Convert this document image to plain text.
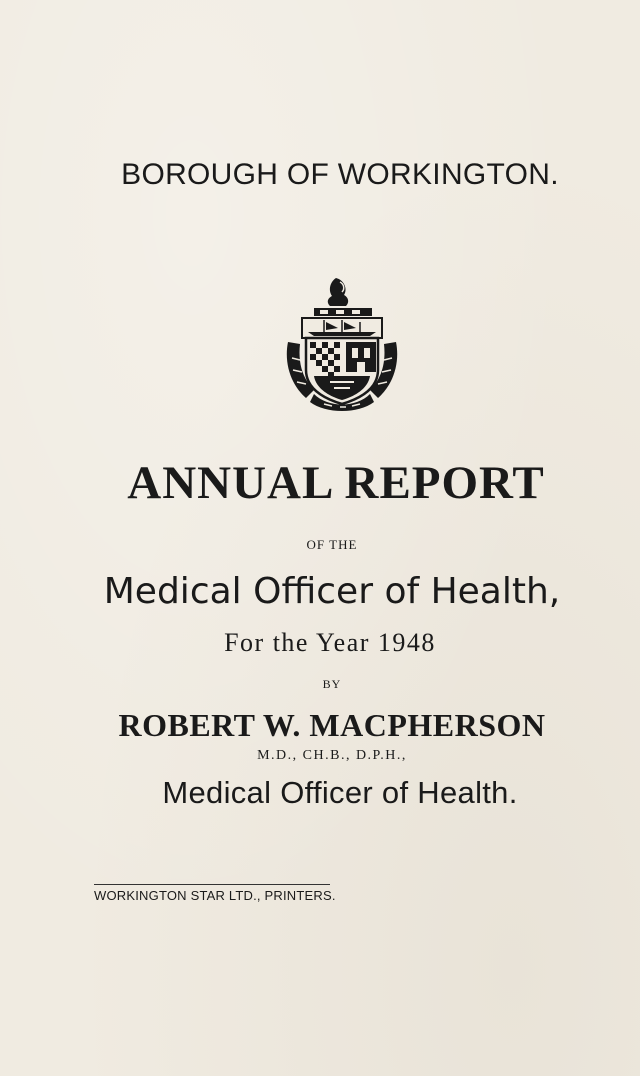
BOROUGH OF WORKINGTON.
ANNUAL REPORT
OF THE
Medical Officer of Health,
For the Year 1948
BY
ROBERT W. MACPHERSON
M.D., CH.B., D.P.H.,
Medical Officer of Health.
WORKINGTON STAR LTD., PRINTERS.
